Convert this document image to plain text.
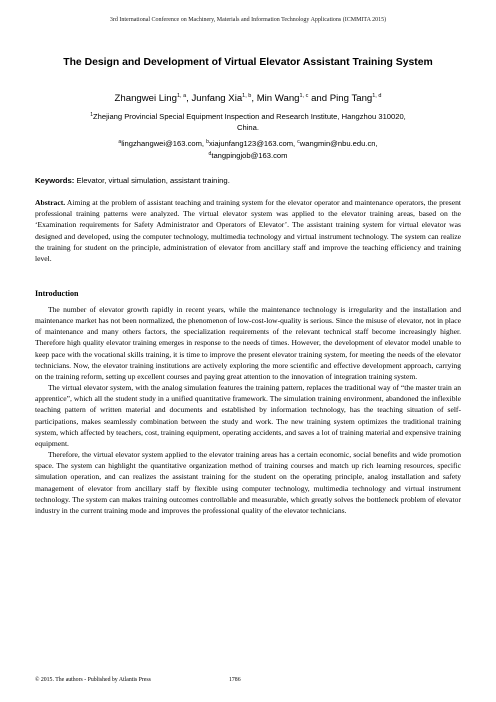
3rd International Conference on Machinery, Materials and Information Technology Applications (ICMMITA 2015)
The Design and Development of Virtual Elevator Assistant Training System
Zhangwei Ling$^{1, a}$, Junfang Xia$^{1, b}$, Min Wang$^{1, c}$ and Ping Tang$^{1, d}$
$^1$Zhejiang Provincial Special Equipment Inspection and Research Institute, Hangzhou 310020, China.
$^a$lingzhangwei@163.com, $^b$xiajunfang123@163.com, $^c$wangmin@nbu.edu.cn,
$^d$tangpingjob@163.com
Keywords: Elevator, virtual simulation, assistant training.
Abstract. Aiming at the problem of assistant teaching and training system for the elevator operator and maintenance operators, the present professional training patterns were analyzed. The virtual elevator system was applied to the elevator training areas, based on the ‘Examination requirements for Safety Administrator and Operators of Elevator’. The assistant training system for virtual elevator was designed and developed, using the computer technology, multimedia technology and virtual instrument technology. The system can realize the training for student on the principle, administration of elevator from ancillary staff and improve the teaching efficiency and training level.
Introduction

The number of elevator growth rapidly in recent years, while the maintenance technology is irregularity and the installation and maintenance market has not been normalized, the phenomenon of low-cost-low-quality is serious. Since the misuse of elevator, not in place of maintenance and many others factors, the specialization requirements of the relevant technical staff become increasingly higher. Therefore high quality elevator training emerges in response to the needs of times. However, the development of elevator model unable to keep pace with the vocational skills training, it is time to improve the present elevator training system, for meeting the needs of the elevator technicians. Now, the elevator training institutions are actively exploring the more scientific and effective development approach, carrying on the training reform, setting up excellent courses and paying great attention to the innovation of integration training system.

The virtual elevator system, with the analog simulation features the training pattern, replaces the traditional way of “the master train an apprentice”, which all the student study in a unified quantitative framework. The simulation training environment, abandoned the inflexible teaching pattern of written material and documents and established by information technology, has the teaching situation of self-participations, makes seamlessly combination between the study and work. The new training system optimizes the traditional training system, which affected by teachers, cost, training equipment, operating accidents, and saves a lot of training material and expensive training equipment.

Therefore, the virtual elevator system applied to the elevator training areas has a certain economic, social benefits and wide promotion space. The system can highlight the quantitative organization method of training courses and match up rich learning resources, specific simulation operation, and can realizes the assistant training for the student on the operating principle, analog installation and safety management of elevator from ancillary staff by flexible using computer technology, multimedia technology and virtual instrument technology. The system can makes training outcomes controllable and measurable, which greatly solves the bottleneck problem of elevator industry in the current training mode and improves the professional quality of the elevator technicians.

© 2015. The authors - Published by Atlantis Press	1786
